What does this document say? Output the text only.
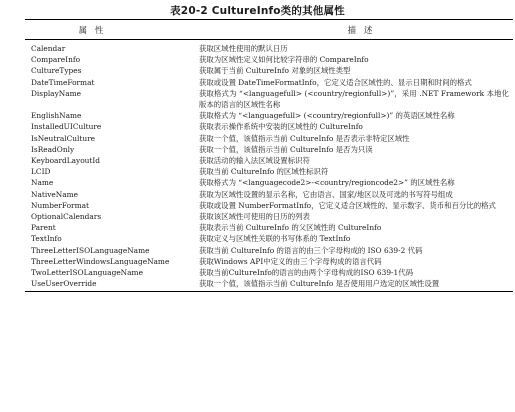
表20-2 CultureInfo类的其他属性
属性	描述
Calendar	获取区域性使用的默认日历
CompareInfo	获取为区域性定义如何比较字符串的 CompareInfo
CultureTypes	获取属于当前 CultureInfo 对象的区域性类型
DateTimeFormat	获取或设置 DateTimeFormatInfo，它定义适合区域性的、显示日期和时间的格式
DisplayName	获取格式为 “<languagefull> (<country/regionfull>)”，采用 .NET Framework 本地化版本的语言的区域性名称
EnglishName	获取格式为 “<languagefull> (<country/regionfull>)” 的英语区域性名称
InstalledUICulture	获取表示操作系统中安装的区域性的 CultureInfo
IsNeutralCulture	获取一个值，该值指示当前 CultureInfo 是否表示非特定区域性
IsReadOnly	获取一个值，该值指示当前 CultureInfo 是否为只读
KeyboardLayoutId	获取活动的输入法区域设置标识符
LCID	获取当前 CultureInfo 的区域性标识符
Name	获取格式为 “<languagecode2>-<country/regioncode2>” 的区域性名称
NativeName	获取为区域性设置的显示名称，它由语言、国家/地区以及可选的书写符号组成
NumberFormat	获取或设置 NumberFormatInfo，它定义适合区域性的、显示数字、货币和百分比的格式
OptionalCalendars	获取该区域性可使用的日历的列表
Parent	获取表示当前 CultureInfo 的父区域性的 CultureInfo
TextInfo	获取定义与区域性关联的书写体系的 TextInfo
ThreeLetterISOLanguageName	获取当前 CultureInfo 的语言的由三个字母构成的 ISO 639-2 代码
ThreeLetterWindowsLanguageName	获取Windows API中定义的由三个字母构成的语言代码
TwoLetterISOLanguageName	获取当前CultureInfo的语言的由两个字母构成的ISO 639-1代码
UseUserOverride	获取一个值，该值指示当前 CultureInfo 是否使用用户选定的区域性设置
